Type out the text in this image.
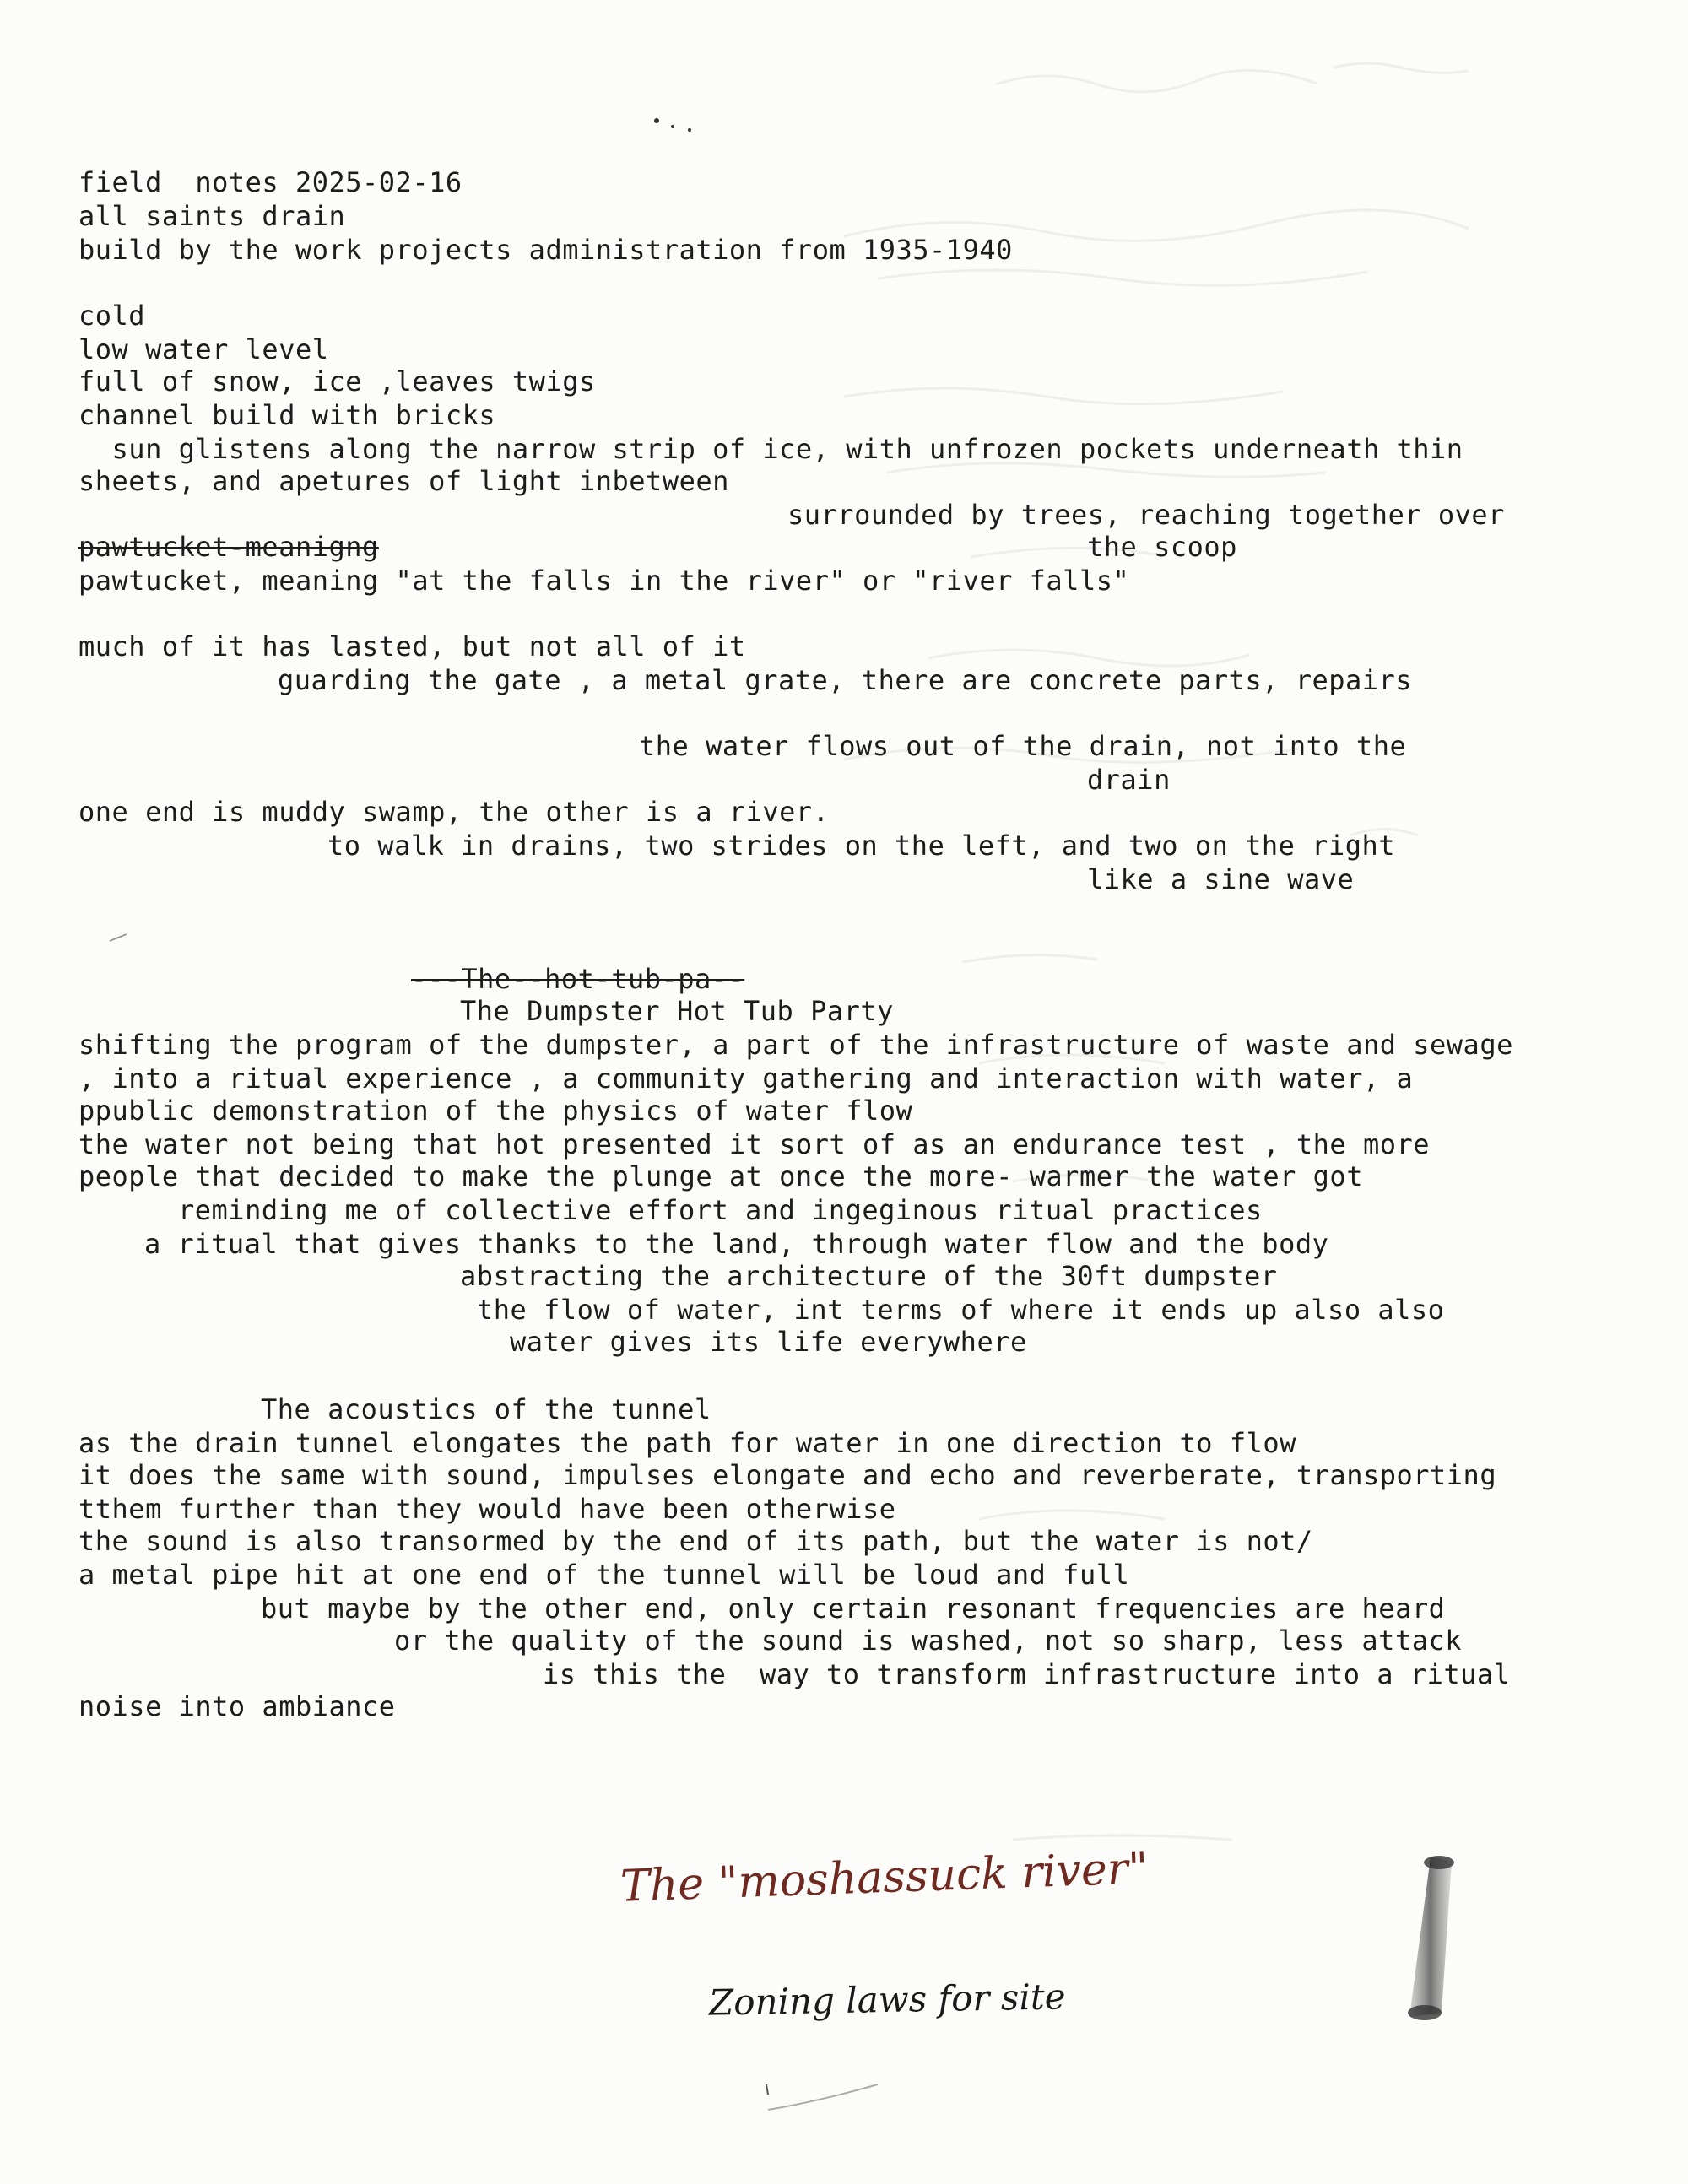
field  notes 2025-02-16
all saints drain
build by the work projects administration from 1935-1940
cold
low water level
full of snow, ice ,leaves twigs
channel build with bricks
sun glistens along the narrow strip of ice, with unfrozen pockets underneath thin
sheets, and apetures of light inbetween
surrounded by trees, reaching together over
pawtucket-meanigng	the scoop
pawtucket, meaning "at the falls in the river" or "river falls"
much of it has lasted, but not all of it
guarding the gate , a metal grate, there are concrete parts, repairs
the water flows out of the drain, not into the
drain
one end is muddy swamp, the other is a river.
to walk in drains, two strides on the left, and two on the right
like a sine wave
---The--hot-tub-pa--
The Dumpster Hot Tub Party
shifting the program of the dumpster, a part of the infrastructure of waste and sewage
, into a ritual experience , a community gathering and interaction with water, a
ppublic demonstration of the physics of water flow
the water not being that hot presented it sort of as an endurance test , the more
people that decided to make the plunge at once the more- warmer the water got
reminding me of collective effort and ingeginous ritual practices
a ritual that gives thanks to the land, through water flow and the body
abstracting the architecture of the 30ft dumpster
the flow of water, int terms of where it ends up also also
water gives its life everywhere
The acoustics of the tunnel
as the drain tunnel elongates the path for water in one direction to flow
it does the same with sound, impulses elongate and echo and reverberate, transporting
tthem further than they would have been otherwise
the sound is also transormed by the end of its path, but the water is not/
a metal pipe hit at one end of the tunnel will be loud and full
but maybe by the other end, only certain resonant frequencies are heard
or the quality of the sound is washed, not so sharp, less attack
is this the  way to transform infrastructure into a ritual
noise into ambiance
The "moshassuck river"
Zoning laws for site
